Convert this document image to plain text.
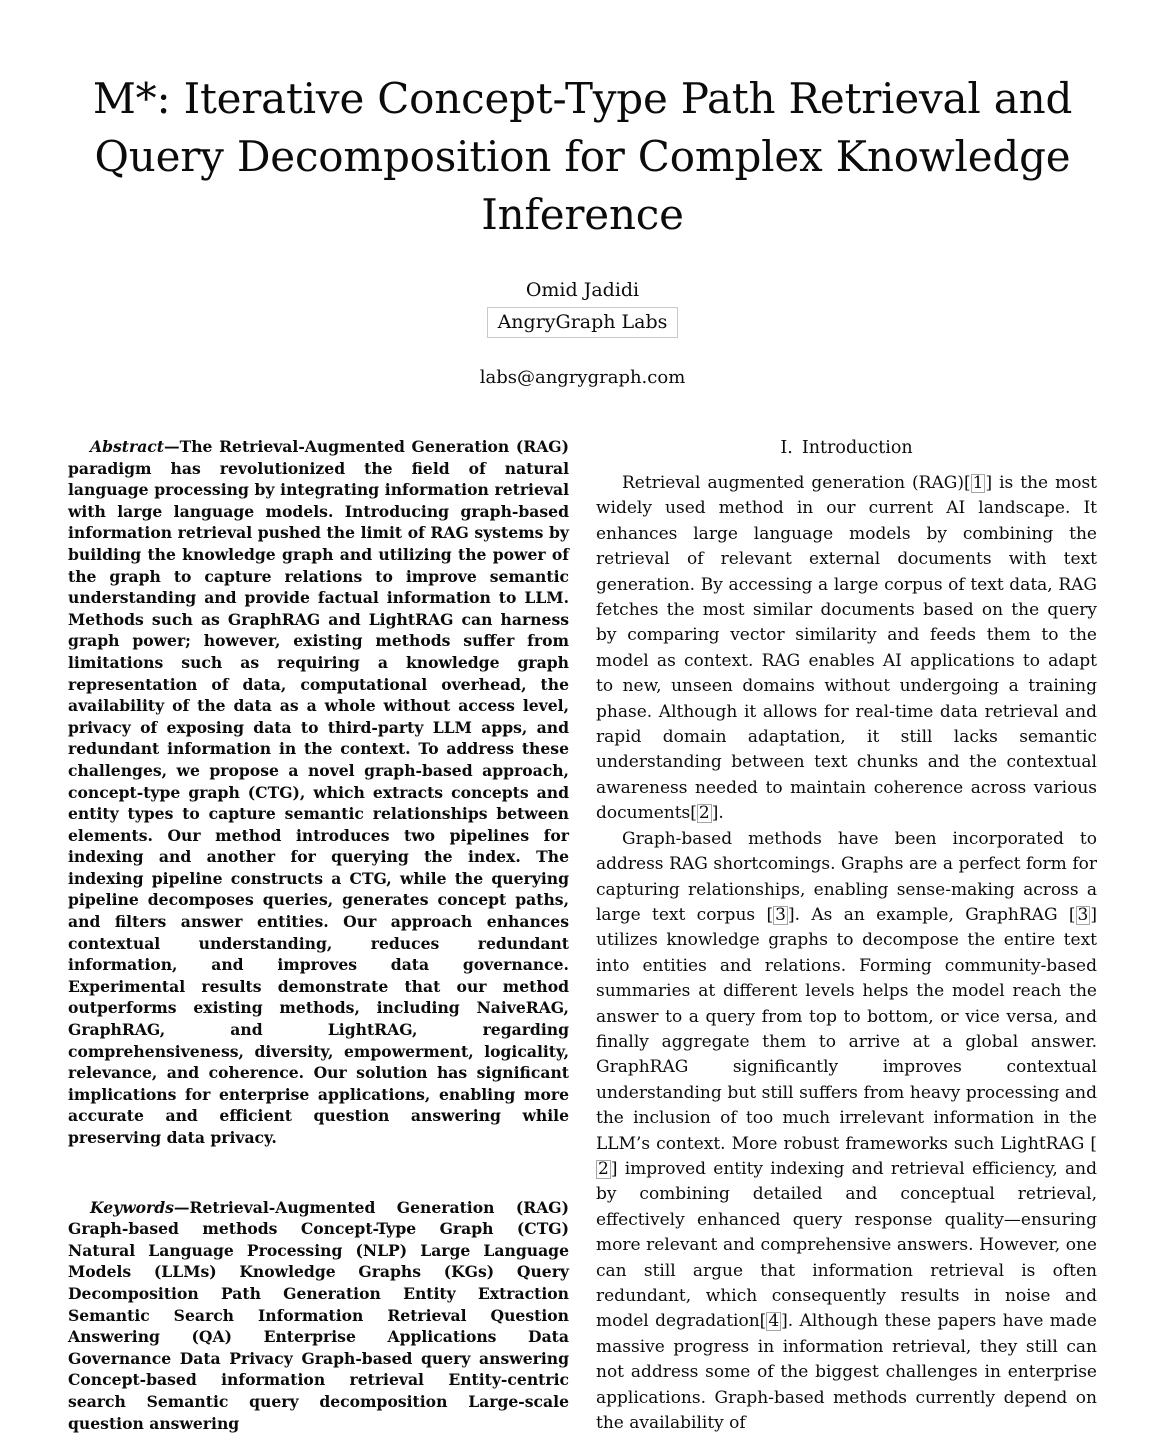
M*: Iterative Concept-Type Path Retrieval and Query Decomposition for Complex Knowledge Inference
Omid Jadidi
AngryGraph Labs
labs@angrygraph.com

Abstract—The Retrieval-Augmented Generation (RAG) paradigm has revolutionized the field of natural language processing by integrating information retrieval with large language models. Introducing graph-based information retrieval pushed the limit of RAG systems by building the knowledge graph and utilizing the power of the graph to capture relations to improve semantic understanding and provide factual information to LLM. Methods such as GraphRAG and LightRAG can harness graph power; however, existing methods suffer from limitations such as requiring a knowledge graph representation of data, computational overhead, the availability of the data as a whole without access level, privacy of exposing data to third-party LLM apps, and redundant information in the context. To address these challenges, we propose a novel graph-based approach, concept-type graph (CTG), which extracts concepts and entity types to capture semantic relationships between elements. Our method introduces two pipelines for indexing and another for querying the index. The indexing pipeline constructs a CTG, while the querying pipeline decomposes queries, generates concept paths, and filters answer entities. Our approach enhances contextual understanding, reduces redundant information, and improves data governance. Experimental results demonstrate that our method outperforms existing methods, including NaiveRAG, GraphRAG, and LightRAG, regarding comprehensiveness, diversity, empowerment, logicality, relevance, and coherence. Our solution has significant implications for enterprise applications, enabling more accurate and efficient question answering while preserving data privacy.

Keywords—Retrieval-Augmented Generation (RAG) Graph-based methods Concept-Type Graph (CTG) Natural Language Processing (NLP) Large Language Models (LLMs) Knowledge Graphs (KGs) Query Decomposition Path Generation Entity Extraction Semantic Search Information Retrieval Question Answering (QA) Enterprise Applications Data Governance Data Privacy Graph-based query answering Concept-based information retrieval Entity-centric search Semantic query decomposition Large-scale question answering

I. Introduction

Retrieval augmented generation (RAG)[ 1 ] is the most widely used method in our current AI landscape. It enhances large language models by combining the retrieval of relevant external documents with text generation. By accessing a large corpus of text data, RAG fetches the most similar documents based on the query by comparing vector similarity and feeds them to the model as context. RAG enables AI applications to adapt to new, unseen domains without undergoing a training phase. Although it allows for real-time data retrieval and rapid domain adaptation, it still lacks semantic understanding between text chunks and the contextual awareness needed to maintain coherence across various documents[ 2 ].

Graph-based methods have been incorporated to address RAG shortcomings. Graphs are a perfect form for capturing relationships, enabling sense-making across a large text corpus [ 3 ]. As an example, GraphRAG [ 3 ] utilizes knowledge graphs to decompose the entire text into entities and relations. Forming community-based summaries at different levels helps the model reach the answer to a query from top to bottom, or vice versa, and finally aggregate them to arrive at a global answer. GraphRAG significantly improves contextual understanding but still suffers from heavy processing and the inclusion of too much irrelevant information in the LLM’s context. More robust frameworks such LightRAG [2 ] improved entity indexing and retrieval efficiency, and by combining detailed and conceptual retrieval, effectively enhanced query response quality—ensuring more relevant and comprehensive answers. However, one can still argue that information retrieval is often redundant, which consequently results in noise and model degradation[ 4 ]. Although these papers have made massive progress in information retrieval, they still can not address some of the biggest challenges in enterprise applications. Graph-based methods currently depend on the availability of
